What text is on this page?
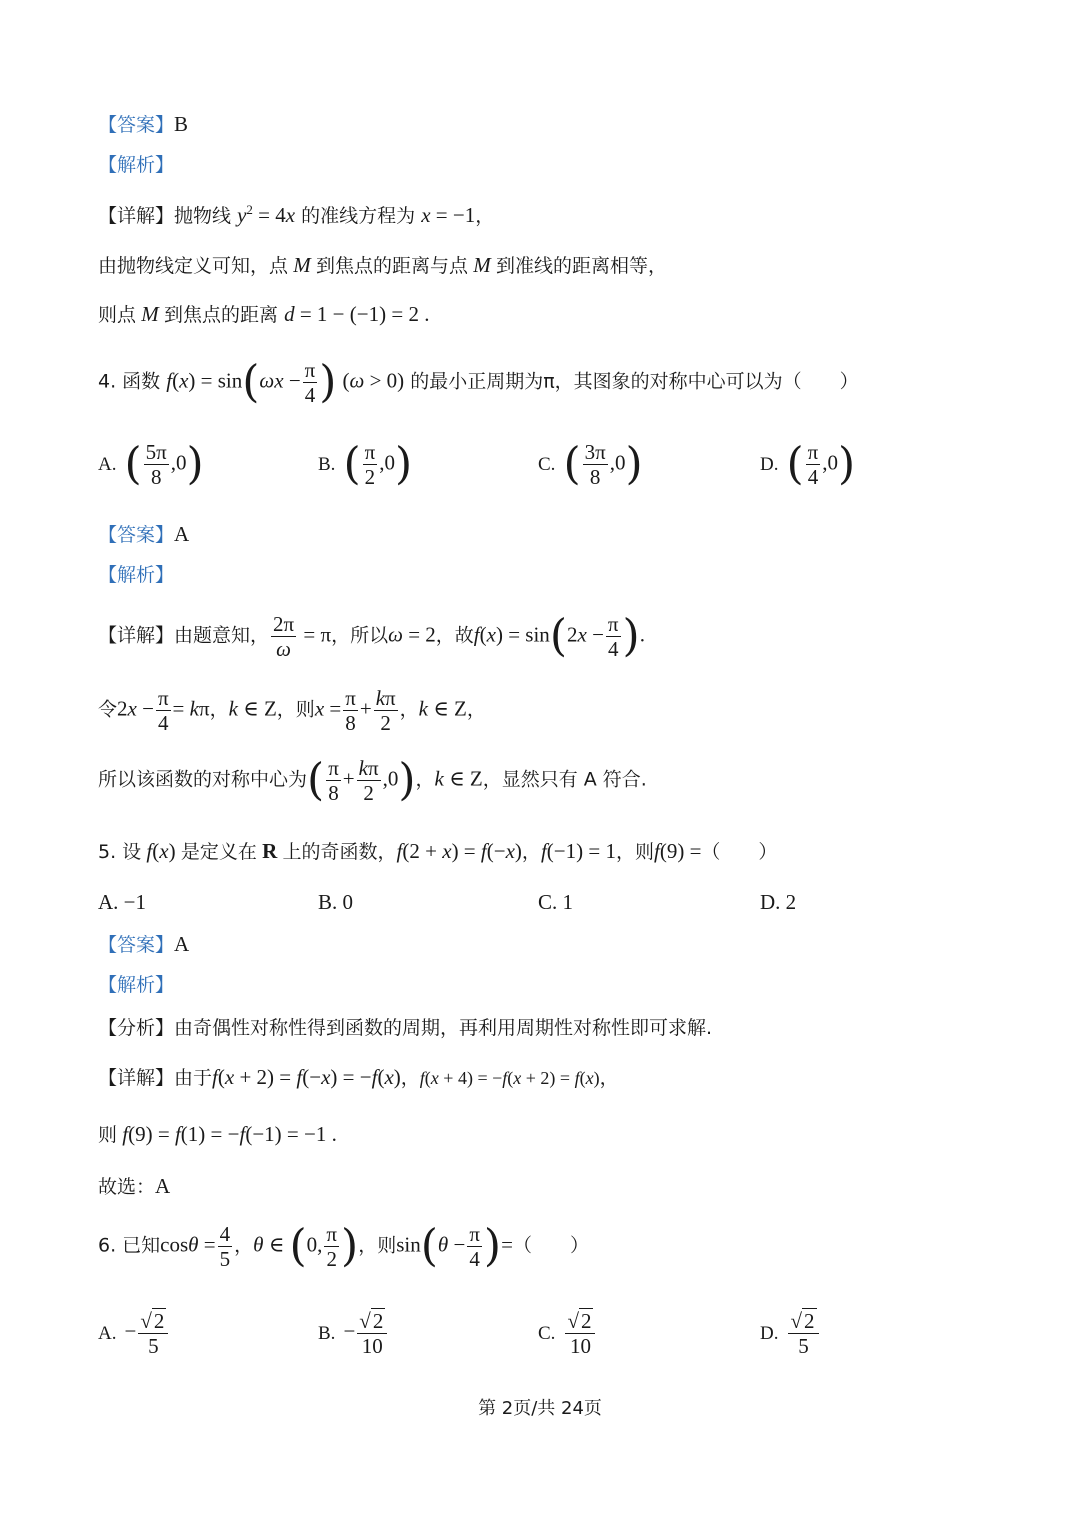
【答案】B
【解析】
【详解】抛物线 $y^2 = 4x$ 的准线方程为 x = −1，
由抛物线定义可知，点 M 到焦点的距离与点 M 到准线的距离相等，
则点 M 到焦点的距离 d = 1 − (−1) = 2 .
4. 函数 $f(x) = \sin(\omega x - \frac{\pi}{4}$ ) (ω > 0) 的最小正周期为π，其图象的对称中心可以为（　　）
A. ( $\frac{5\pi}{8} ,0$)	B. ( $\frac{\pi}{2} ,0$)	C. ( $\frac{3\pi}{8} ,0$)	D. ( $\frac{\pi}{4} ,0$)
【答案】A
【解析】
【详解】由题意知， $\frac{2\pi}{\omega} = \pi$，所以ω = 2，故$f(x) = \sin(2x - \frac{\pi}{4}$ ).
令$2x - \frac{\pi}{4} = k\pi$，k ∈ Z，则$x = \frac{\pi}{8} + \frac{k\pi}{2}$ ，k ∈ Z，
所以该函数的对称中心为( $\frac{\pi}{8} + \frac{k\pi}{2} ,0$)，k ∈ Z，显然只有 A 符合.
5. 设 f(x) 是定义在 R 上的奇函数，f(2 + x) = f(−x)，f(−1) = 1，则f(9) =（　　）
A. −1	B. 0	C. 1	D. 2
【答案】A
【解析】
【分析】由奇偶性对称性得到函数的周期，再利用周期性对称性即可求解.
【详解】由于f(x + 2) = f(−x) = −f(x)，f(x + 4) = −f(x + 2) = f(x)，
则 f(9) = f(1) = −f(−1) = −1 .
故选：A
6. 已知$\cos\theta = \frac{4}{5}$ ，θ ∈ (0, $\frac{\pi}{2}$ )，则$\sin(\theta - \frac{\pi}{4}$ )=（　　）
A. − $\frac{√2}{5}$	B. − $\frac{√2}{10}$	C. $\frac{√2}{10}$	D. $\frac{√2}{5}$
第 2页/共 24页
